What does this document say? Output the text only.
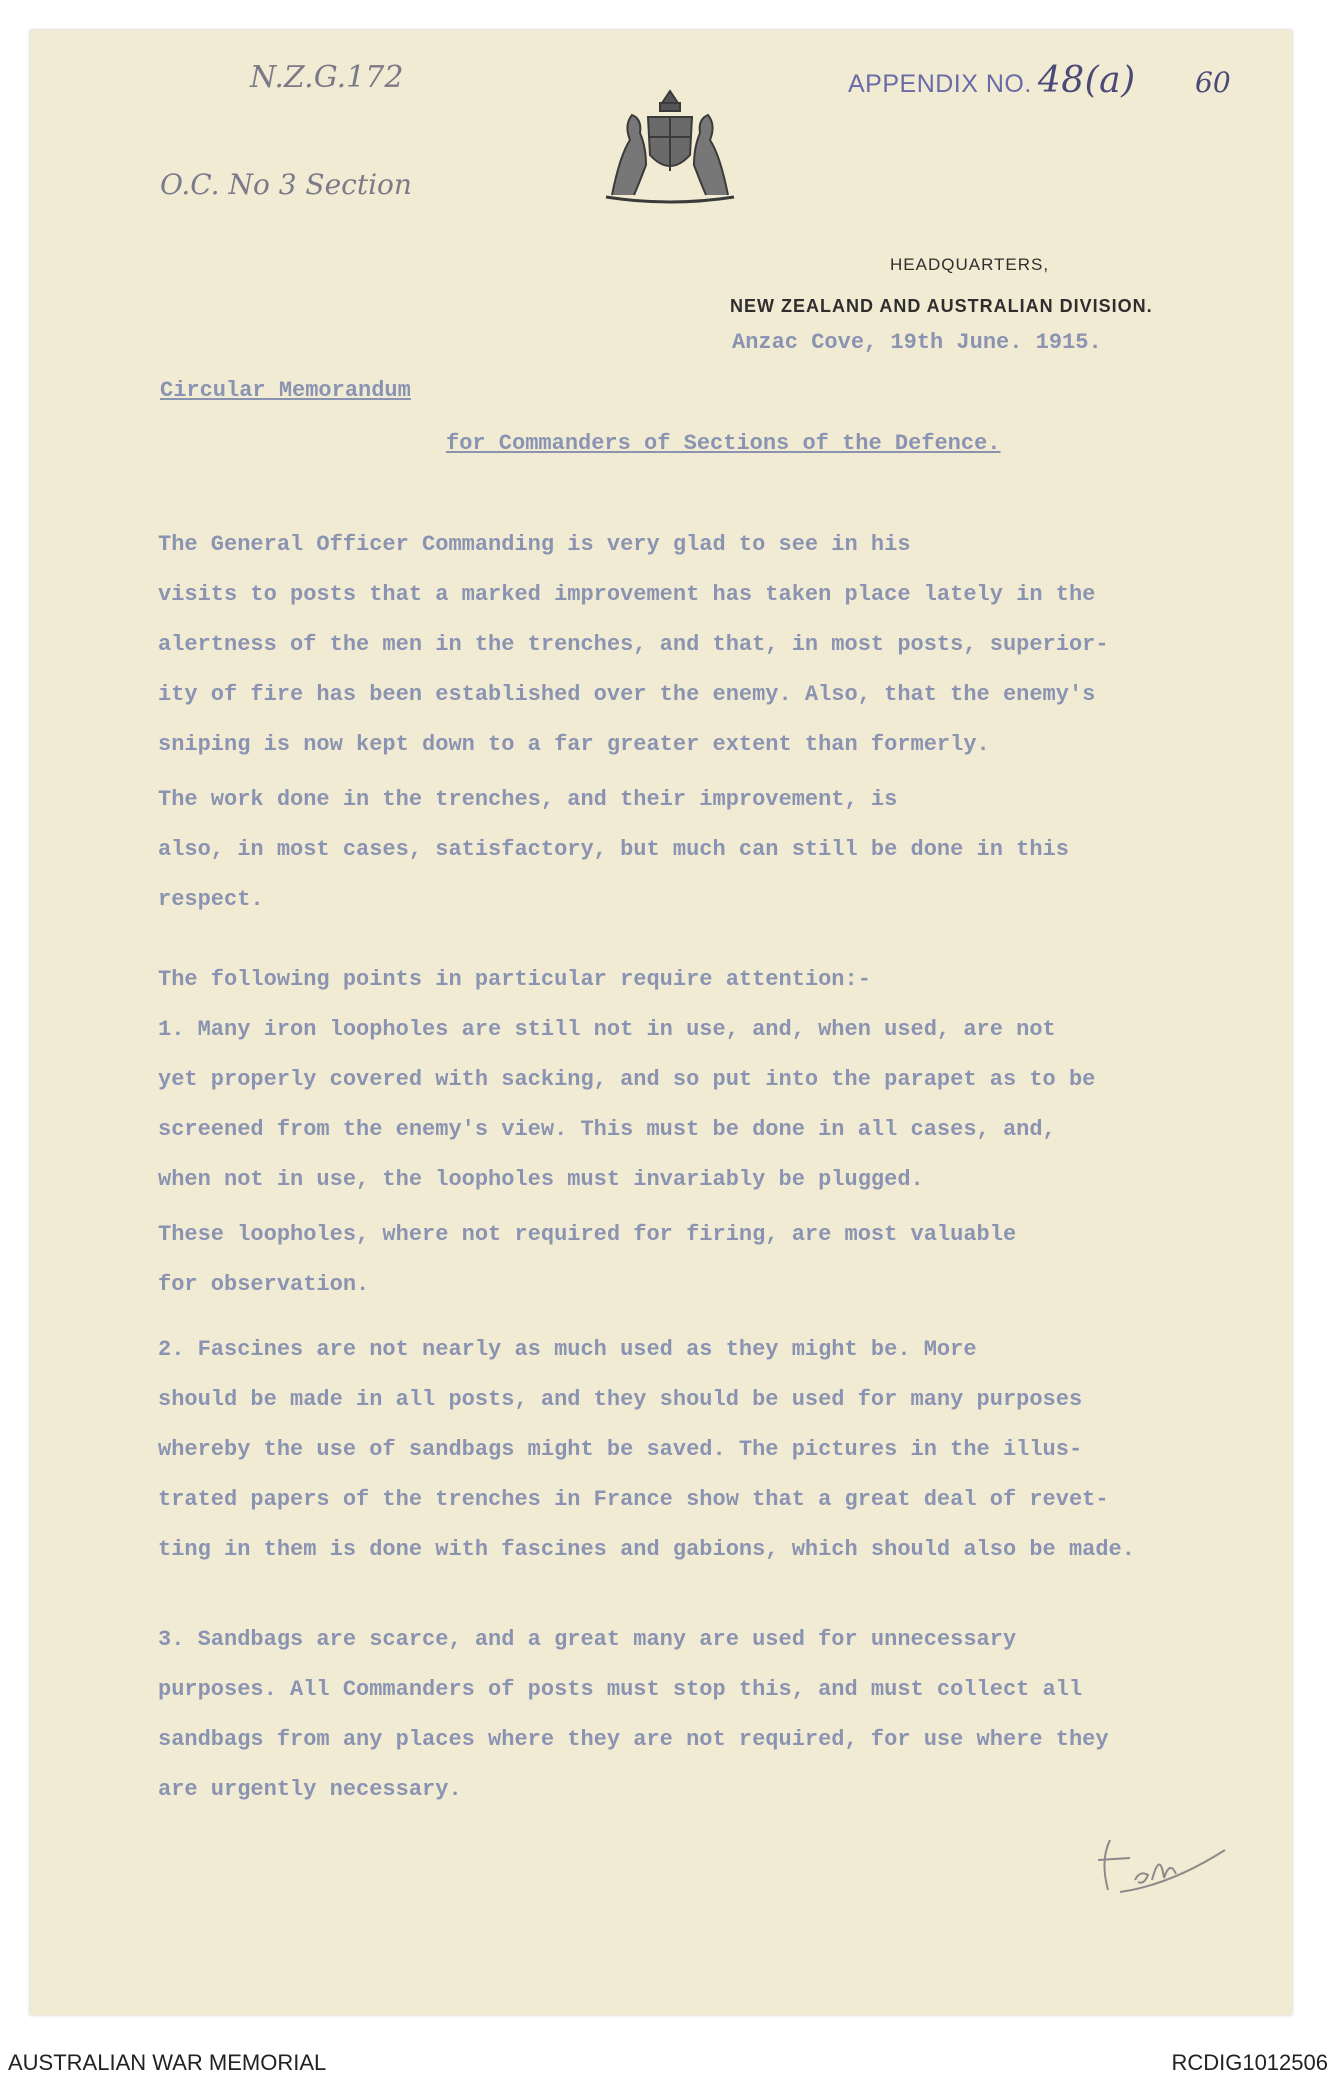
N.Z.G.172
O.C. No 3 Section
APPENDIX NO. 48(a) 60
HEADQUARTERS,
NEW ZEALAND AND AUSTRALIAN DIVISION.
Anzac Cove, 19th June. 1915.
Circular Memorandum
for Commanders of Sections of the Defence.

The General Officer Commanding is very glad to see in his
visits to posts that a marked improvement has taken place lately in the
alertness of the men in the trenches, and that, in most posts, superior-
ity of fire has been established over the enemy. Also, that the enemy's
sniping is now kept down to a far greater extent than formerly.

The work done in the trenches, and their improvement, is
also, in most cases, satisfactory, but much can still be done in this
respect.

The following points in particular require attention:-
1. Many iron loopholes are still not in use, and, when used, are not
yet properly covered with sacking, and so put into the parapet as to be
screened from the enemy's view. This must be done in all cases, and,
when not in use, the loopholes must invariably be plugged.

These loopholes, where not required for firing, are most valuable
for observation.

2. Fascines are not nearly as much used as they might be. More
should be made in all posts, and they should be used for many purposes
whereby the use of sandbags might be saved. The pictures in the illus-
trated papers of the trenches in France show that a great deal of revet-
ting in them is done with fascines and gabions, which should also be made.

3. Sandbags are scarce, and a great many are used for unnecessary
purposes. All Commanders of posts must stop this, and must collect all
sandbags from any places where they are not required, for use where they
are urgently necessary.

AUSTRALIAN WAR MEMORIAL	RCDIG1012506
